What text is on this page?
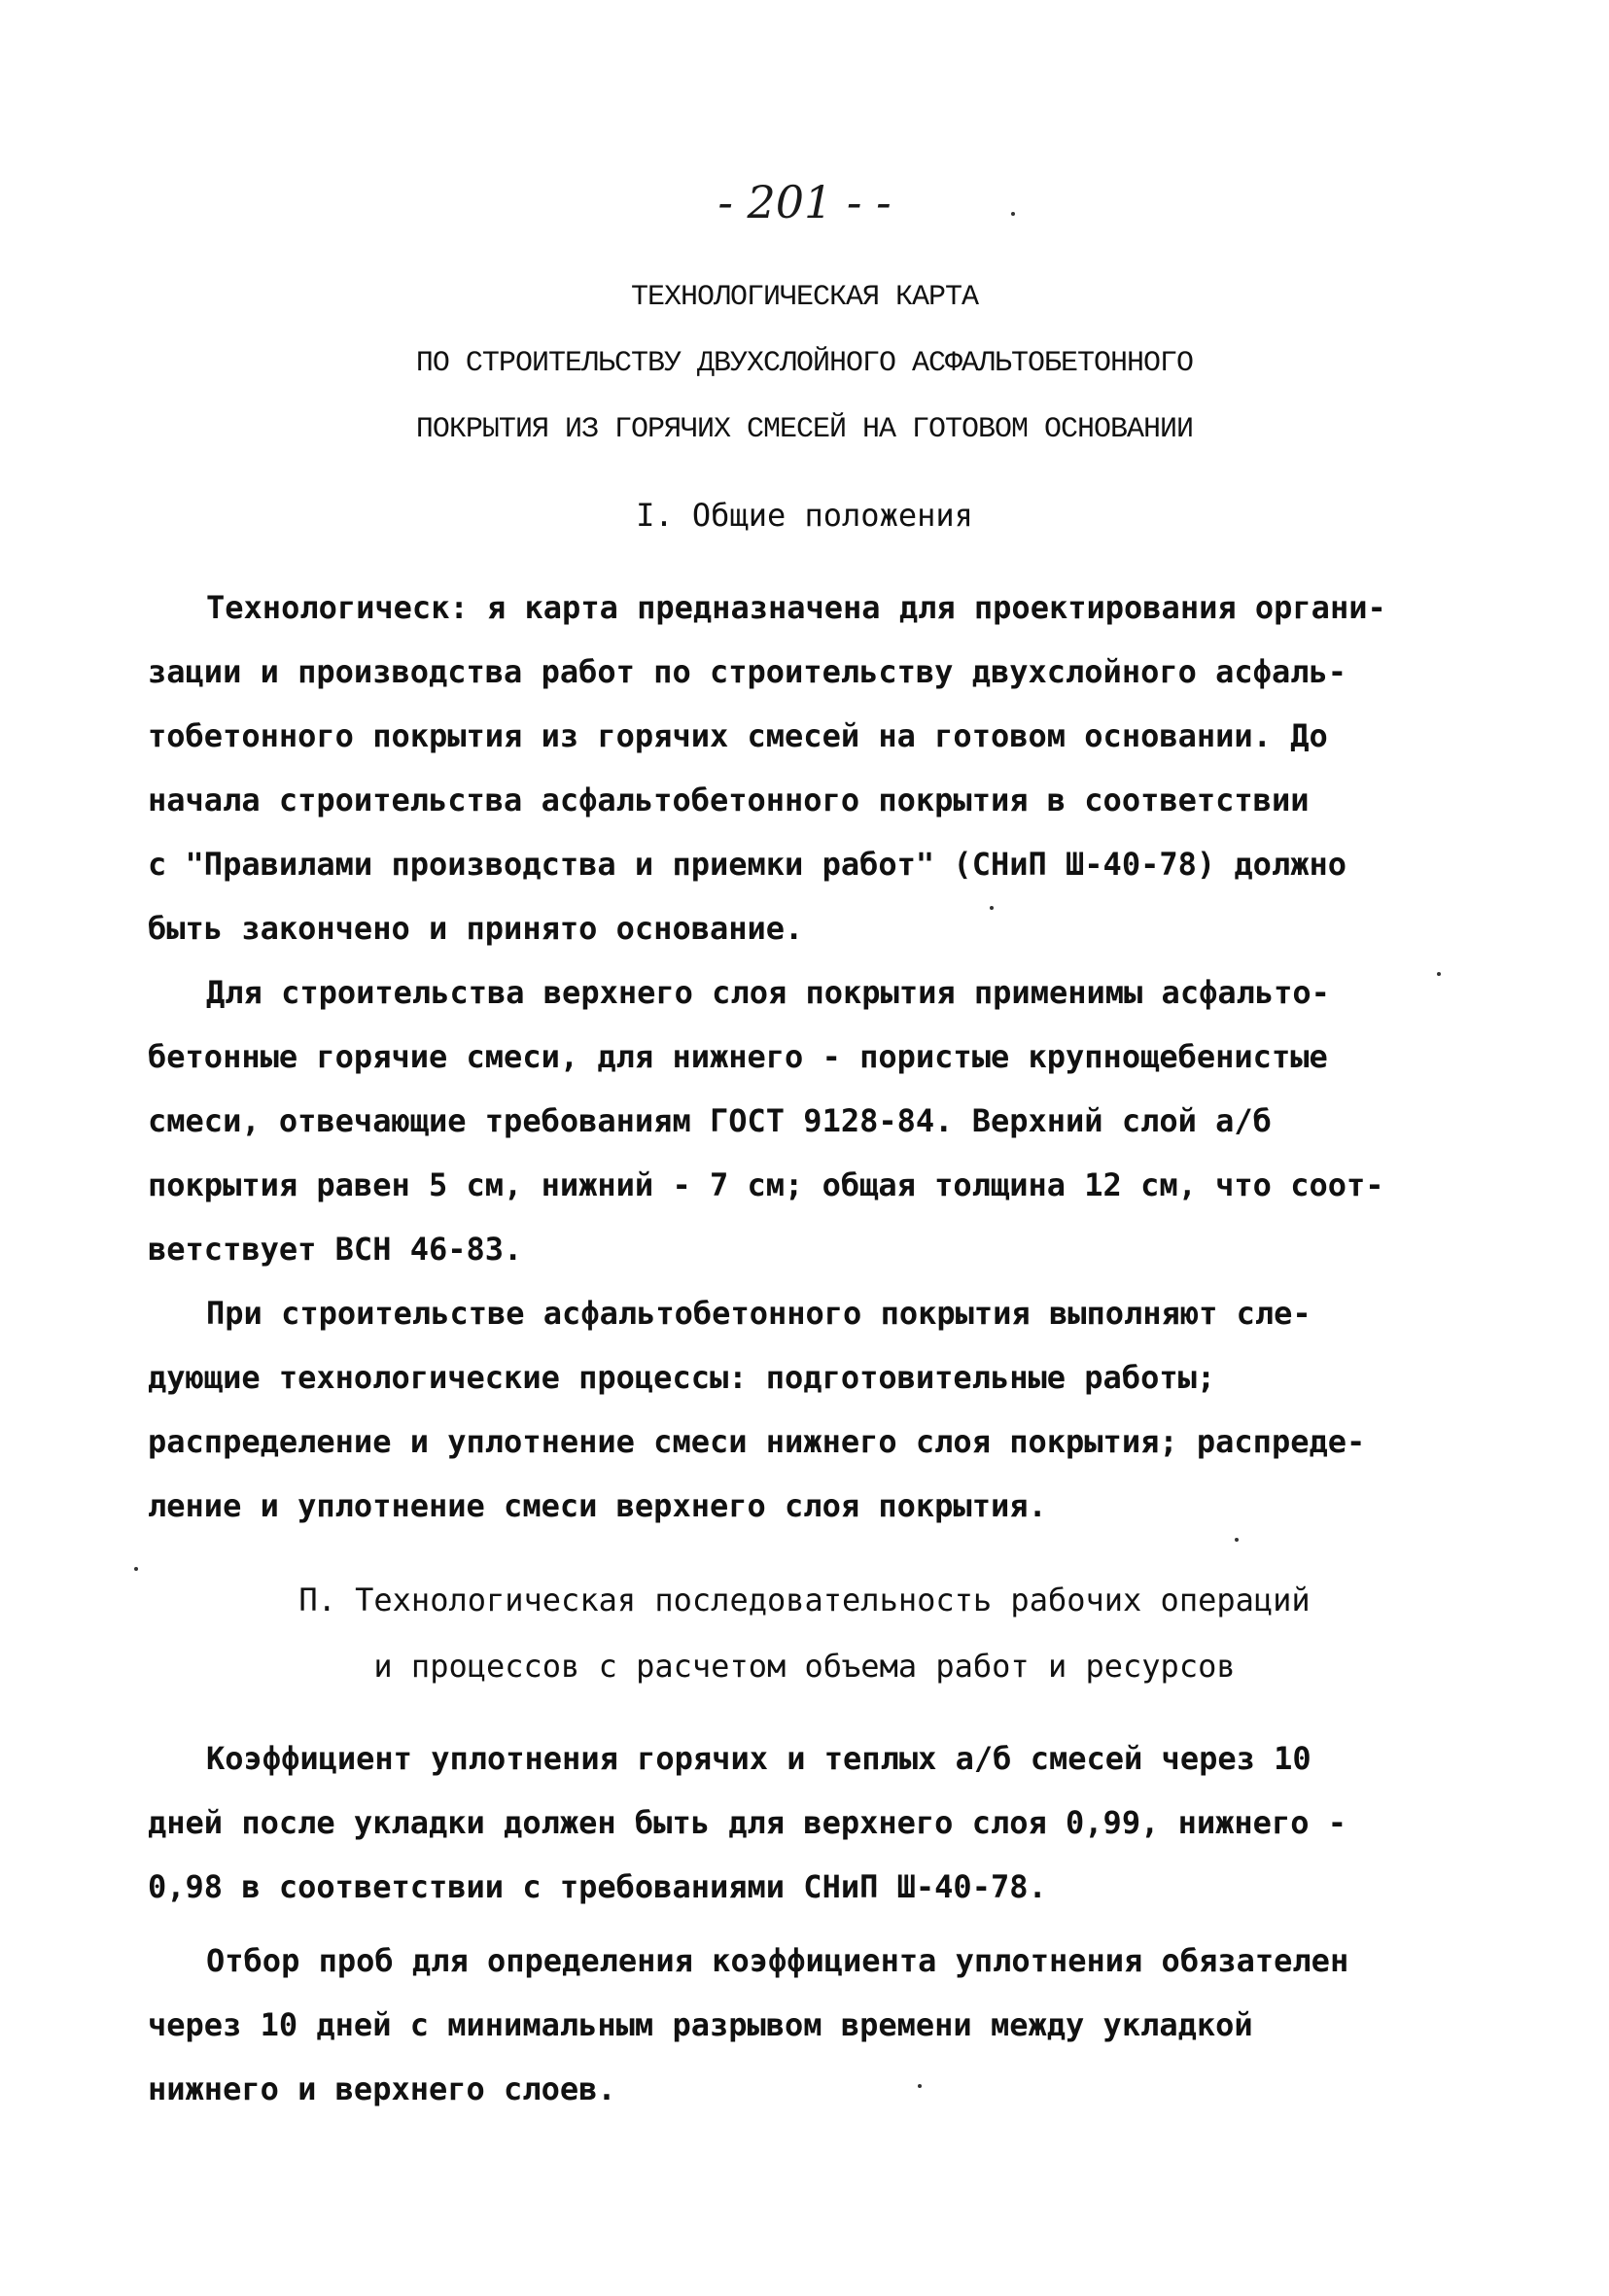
- 201 - -
ТЕХНОЛОГИЧЕСКАЯ КАРТА
ПО СТРОИТЕЛЬСТВУ ДВУХСЛОЙНОГО АСФАЛЬТОБЕТОННОГО
ПОКРЫТИЯ ИЗ ГОРЯЧИХ СМЕСЕЙ НА ГОТОВОМ ОСНОВАНИИ
I. Общие положения
Технологическ: я карта предназначена для проектирования органи-
зации и производства работ по строительству двухслойного асфаль-
тобетонного покрытия из горячих смесей на готовом основании. До
начала строительства асфальтобетонного покрытия в соответствии
с "Правилами производства и приемки работ" (СНиП Ш-40-78) должно
быть закончено и принято основание.
Для строительства верхнего слоя покрытия применимы асфальто-
бетонные горячие смеси, для нижнего - пористые крупнощебенистые
смеси, отвечающие требованиям ГОСТ 9128-84. Верхний слой а/б
покрытия равен 5 см, нижний - 7 см; общая толщина 12 см, что соот-
ветствует ВСН 46-83.
При строительстве асфальтобетонного покрытия выполняют сле-
дующие технологические процессы: подготовительные работы;
распределение и уплотнение смеси нижнего слоя покрытия; распреде-
ление и уплотнение смеси верхнего слоя покрытия.
П. Технологическая последовательность рабочих операций
и процессов с расчетом объема работ и ресурсов
Коэффициент уплотнения горячих и теплых а/б смесей через 10
дней после укладки должен быть для верхнего слоя 0,99, нижнего -
0,98 в соответствии с требованиями СНиП Ш-40-78.
Отбор проб для определения коэффициента уплотнения обязателен
через 10 дней с минимальным разрывом времени между укладкой
нижнего и верхнего слоев.
